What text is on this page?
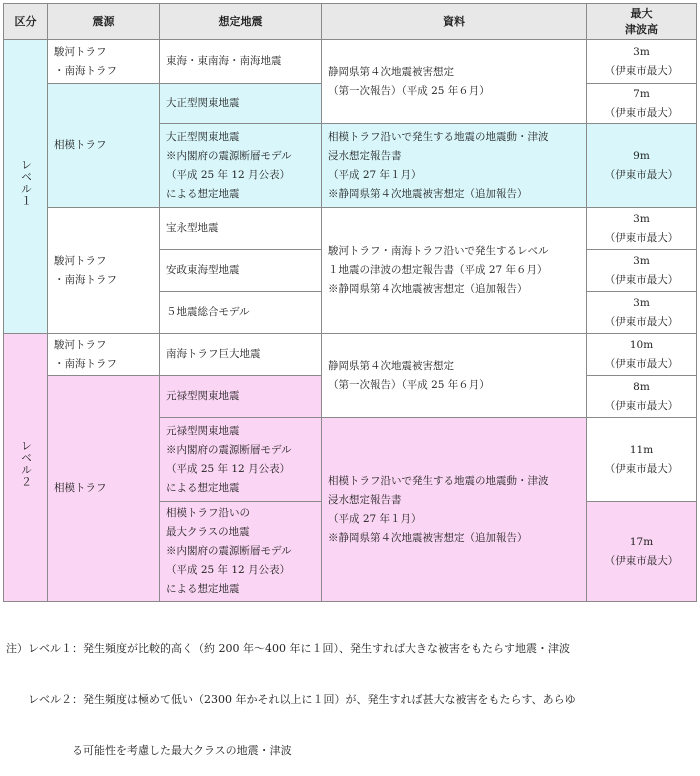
区分	震源	想定地震	資料	最大
津波高
レベル１	駿河トラフ
・南海トラフ	東海・東南海・南海地震	静岡県第４次地震被害想定
（第一次報告）（平成 25 年６月）	3m
（伊東市最大）
	相模トラフ	大正型関東地震		7m
（伊東市最大）
		大正型関東地震
※内閣府の震源断層モデル
（平成 25 年 12 月公表）
による想定地震	相模トラフ沿いで発生する地震の地震動・津波
浸水想定報告書
（平成 27 年１月）
※静岡県第４次地震被害想定（追加報告）	9m
（伊東市最大）
	駿河トラフ
・南海トラフ	宝永型地震	駿河トラフ・南海トラフ沿いで発生するレベル
１地震の津波の想定報告書（平成 27 年６月）
※静岡県第４次地震被害想定（追加報告）	3m
（伊東市最大）
		安政東海型地震		3m
（伊東市最大）
		５地震総合モデル		3m
（伊東市最大）
レベル２	駿河トラフ
・南海トラフ	南海トラフ巨大地震	静岡県第４次地震被害想定
（第一次報告）（平成 25 年６月）	10m
（伊東市最大）
	相模トラフ	元禄型関東地震		8m
（伊東市最大）
		元禄型関東地震
※内閣府の震源断層モデル
（平成 25 年 12 月公表）
による想定地震	相模トラフ沿いで発生する地震の地震動・津波
浸水想定報告書
（平成 27 年１月）
※静岡県第４次地震被害想定（追加報告）	11m
（伊東市最大）
		相模トラフ沿いの
最大クラスの地震
※内閣府の震源断層モデル
（平成 25 年 12 月公表）
による想定地震		17m
（伊東市最大）

注）レベル１：発生頻度が比較的高く（約 200 年～400 年に１回）、発生すれば大きな被害をもたらす地震・津波

　　レベル２：発生頻度は極めて低い（2300 年かそれ以上に１回）が、発生すれば甚大な被害をもたらす、あらゆ

　　　　　　る可能性を考慮した最大クラスの地震・津波
